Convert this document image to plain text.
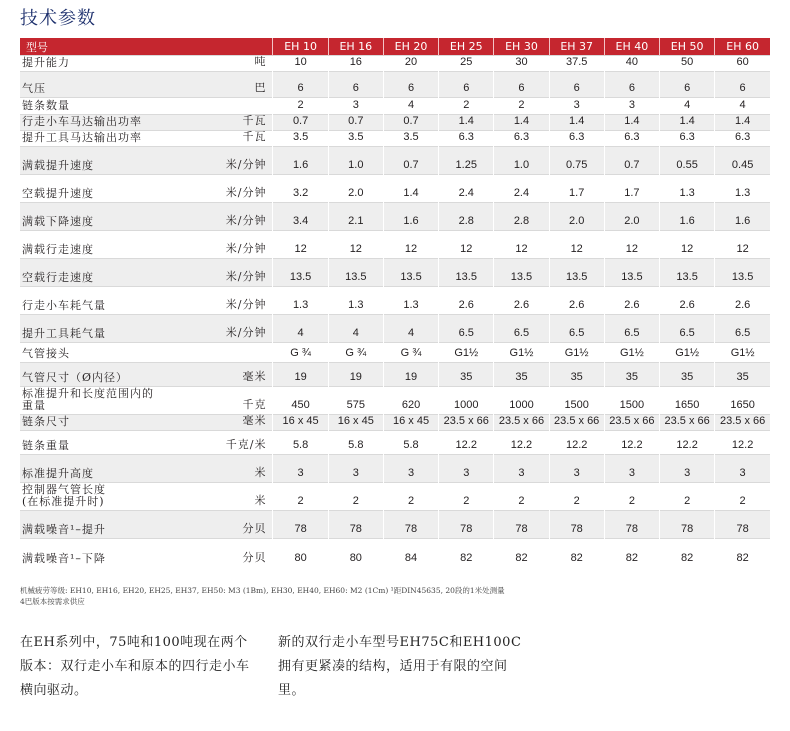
技术参数
型号		EH 10	EH 16	EH 20	EH 25	EH 30	EH 37	EH 40	EH 50	EH 60
提升能力	吨	10	16	20	25	30	37.5	40	50	60
气压	巴	6	6	6	6	6	6	6	6	6
链条数量		2	3	4	2	2	3	3	4	4
行走小车马达输出功率	千瓦	0.7	0.7	0.7	1.4	1.4	1.4	1.4	1.4	1.4
提升工具马达输出功率	千瓦	3.5	3.5	3.5	6.3	6.3	6.3	6.3	6.3	6.3
满载提升速度	米/分钟	1.6	1.0	0.7	1.25	1.0	0.75	0.7	0.55	0.45
空载提升速度	米/分钟	3.2	2.0	1.4	2.4	2.4	1.7	1.7	1.3	1.3
满载下降速度	米/分钟	3.4	2.1	1.6	2.8	2.8	2.0	2.0	1.6	1.6
满载行走速度	米/分钟	12	12	12	12	12	12	12	12	12
空载行走速度	米/分钟	13.5	13.5	13.5	13.5	13.5	13.5	13.5	13.5	13.5
行走小车耗气量	米/分钟	1.3	1.3	1.3	2.6	2.6	2.6	2.6	2.6	2.6
提升工具耗气量	米/分钟	4	4	4	6.5	6.5	6.5	6.5	6.5	6.5
气管接头		G ¾	G ¾	G ¾	G1½	G1½	G1½	G1½	G1½	G1½
气管尺寸（Ø内径）	毫米	19	19	19	35	35	35	35	35	35
标准提升和长度范围内的
重量	千克	450	575	620	1000	1000	1500	1500	1650	1650
链条尺寸	毫米	16 x 45	16 x 45	16 x 45	23.5 x 66	23.5 x 66	23.5 x 66	23.5 x 66	23.5 x 66	23.5 x 66
链条重量	千克/米	5.8	5.8	5.8	12.2	12.2	12.2	12.2	12.2	12.2
标准提升高度	米	3	3	3	3	3	3	3	3	3
控制器气管长度
(在标准提升时)	米	2	2	2	2	2	2	2	2	2
满载噪音¹–提升	分贝	78	78	78	78	78	78	78	78	78
满载噪音¹–下降	分贝	80	80	84	82	82	82	82	82	82
机械疲劳等级: EH10, EH16, EH20, EH25, EH37, EH50: M3 (1Bm), EH30, EH40, EH60: M2 (1Cm) ¹距DIN45635, 20段的1米处测量
4巴版本按需求供应
在EH系列中，75吨和100吨现在两个版本：双行走小车和原本的四行走小车横向驱动。
新的双行走小车型号EH75C和EH100C拥有更紧凑的结构，适用于有限的空间里。
